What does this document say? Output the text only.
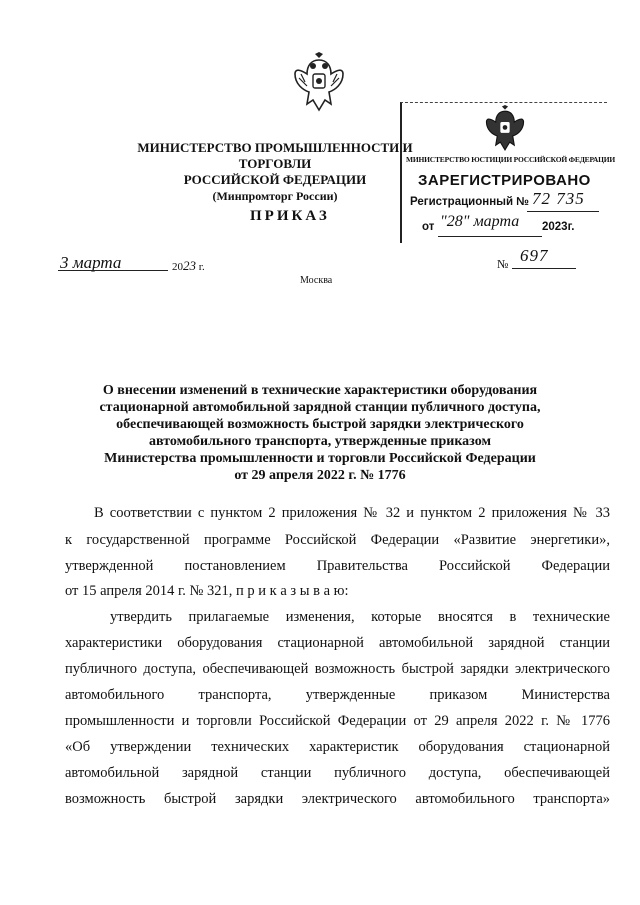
МИНИСТЕРСТВО ПРОМЫШЛЕННОСТИ И ТОРГОВЛИ
РОССИЙСКОЙ ФЕДЕРАЦИИ
(Минпромторг России)
ПРИКАЗ
МИНИСТЕРСТВО ЮСТИЦИИ РОССИЙСКОЙ ФЕДЕРАЦИИ
ЗАРЕГИСТРИРОВАНО
Регистрационный № 72 735
от "28" марта 2023г.
3 марта	2023 г.	№ 697
Москва
О внесении изменений в технические характеристики оборудования
стационарной автомобильной зарядной станции публичного доступа,
обеспечивающей возможность быстрой зарядки электрического
автомобильного транспорта, утвержденные приказом
Министерства промышленности и торговли Российской Федерации
от 29 апреля 2022 г. № 1776
В соответствии с пунктом 2 приложения № 32 и пунктом 2 приложения № 33
к государственной программе Российской Федерации «Развитие энергетики»,
утвержденной постановлением Правительства Российской Федерации
от 15 апреля 2014 г. № 321, п р и к а з ы в а ю:
утвердить прилагаемые изменения, которые вносятся в технические
характеристики оборудования стационарной автомобильной зарядной станции
публичного доступа, обеспечивающей возможность быстрой зарядки электрического
автомобильного транспорта, утвержденные приказом Министерства
промышленности и торговли Российской Федерации от 29 апреля 2022 г. № 1776
«Об утверждении технических характеристик оборудования стационарной
автомобильной зарядной станции публичного доступа, обеспечивающей
возможность быстрой зарядки электрического автомобильного транспорта»
